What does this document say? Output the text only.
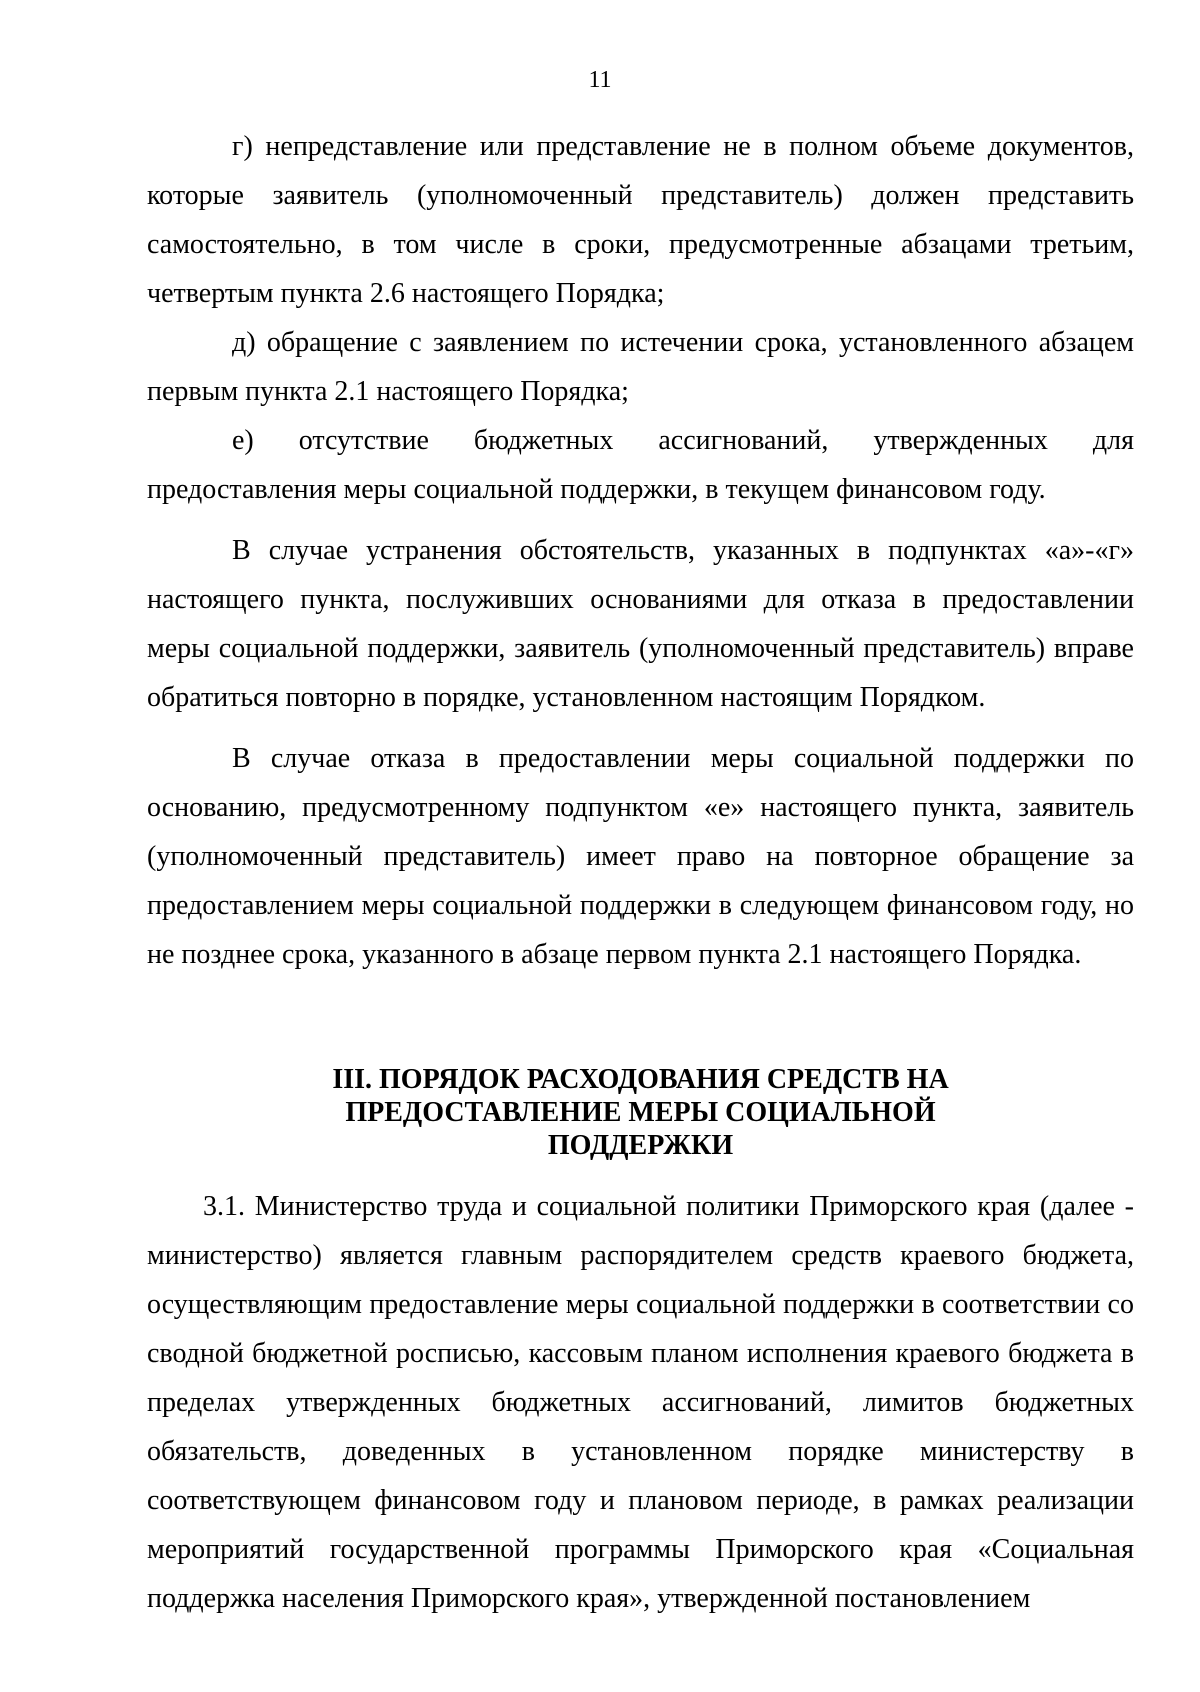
11

г) непредставление или представление не в полном объеме документов, которые заявитель (уполномоченный представитель) должен представить самостоятельно, в том числе в сроки, предусмотренные абзацами третьим, четвертым пункта 2.6 настоящего Порядка;

д) обращение с заявлением по истечении срока, установленного абзацем первым пункта 2.1 настоящего Порядка;

е) отсутствие бюджетных ассигнований, утвержденных для предоставления меры социальной поддержки, в текущем финансовом году.

В случае устранения обстоятельств, указанных в подпунктах «а»-«г» настоящего пункта, послуживших основаниями для отказа в предоставлении меры социальной поддержки, заявитель (уполномоченный представитель) вправе обратиться повторно в порядке, установленном настоящим Порядком.

В случае отказа в предоставлении меры социальной поддержки по основанию, предусмотренному подпунктом «е» настоящего пункта, заявитель (уполномоченный представитель) имеет право на повторное обращение за предоставлением меры социальной поддержки в следующем финансовом году, но не позднее срока, указанного в абзаце первом пункта 2.1 настоящего Порядка.

III. ПОРЯДОК РАСХОДОВАНИЯ СРЕДСТВ НА
ПРЕДОСТАВЛЕНИЕ МЕРЫ СОЦИАЛЬНОЙ
ПОДДЕРЖКИ

3.1. Министерство труда и социальной политики Приморского края (далее - министерство) является главным распорядителем средств краевого бюджета, осуществляющим предоставление меры социальной поддержки в соответствии со сводной бюджетной росписью, кассовым планом исполнения краевого бюджета в пределах утвержденных бюджетных ассигнований, лимитов бюджетных обязательств, доведенных в установленном порядке министерству в соответствующем финансовом году и плановом периоде, в рамках реализации мероприятий государственной программы Приморского края «Социальная поддержка населения Приморского края», утвержденной постановлением
